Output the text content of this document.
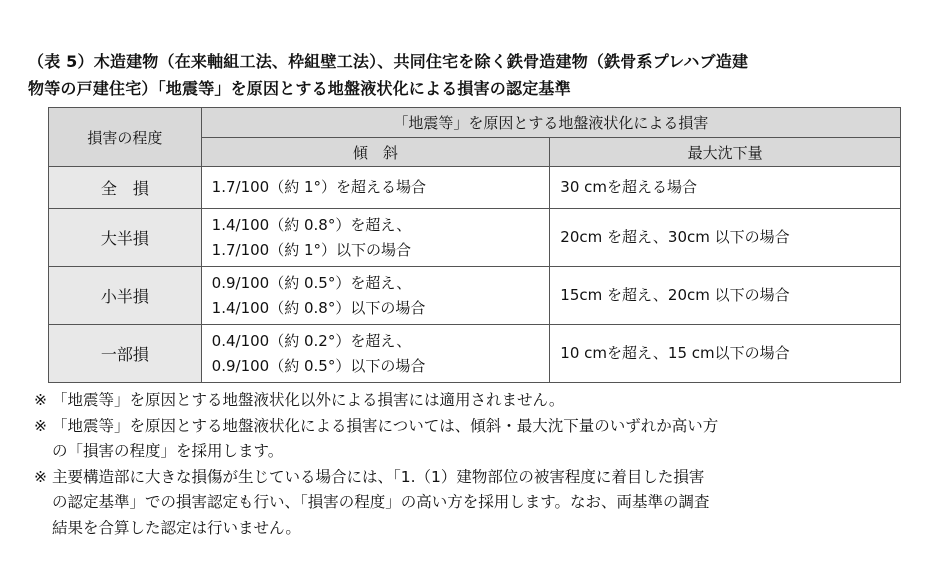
（表 5）木造建物（在来軸組工法、枠組壁工法）、共同住宅を除く鉄骨造建物（鉄骨系プレハブ造建
物等の戸建住宅）「地震等」を原因とする地盤液状化による損害の認定基準
損害の程度	「地震等」を原因とする地盤液状化による損害	
	傾　斜	最大沈下量
全　損	1.7/100（約 1°）を超える場合	30 cmを超える場合
大半損	1.4/100（約 0.8°）を超え、
1.7/100（約 1°）以下の場合	20cm を超え、30cm 以下の場合
小半損	0.9/100（約 0.5°）を超え、
1.4/100（約 0.8°）以下の場合	15cm を超え、20cm 以下の場合
一部損	0.4/100（約 0.2°）を超え、
0.9/100（約 0.5°）以下の場合	10 cmを超え、15 cm以下の場合
※ 「地震等」を原因とする地盤液状化以外による損害には適用されません。
※ 「地震等」を原因とする地盤液状化による損害については、傾斜・最大沈下量のいずれか高い方
の「損害の程度」を採用します。
※ 主要構造部に大きな損傷が生じている場合には、「1.（1）建物部位の被害程度に着目した損害
の認定基準」での損害認定も行い、「損害の程度」の高い方を採用します。なお、両基準の調査
結果を合算した認定は行いません。
